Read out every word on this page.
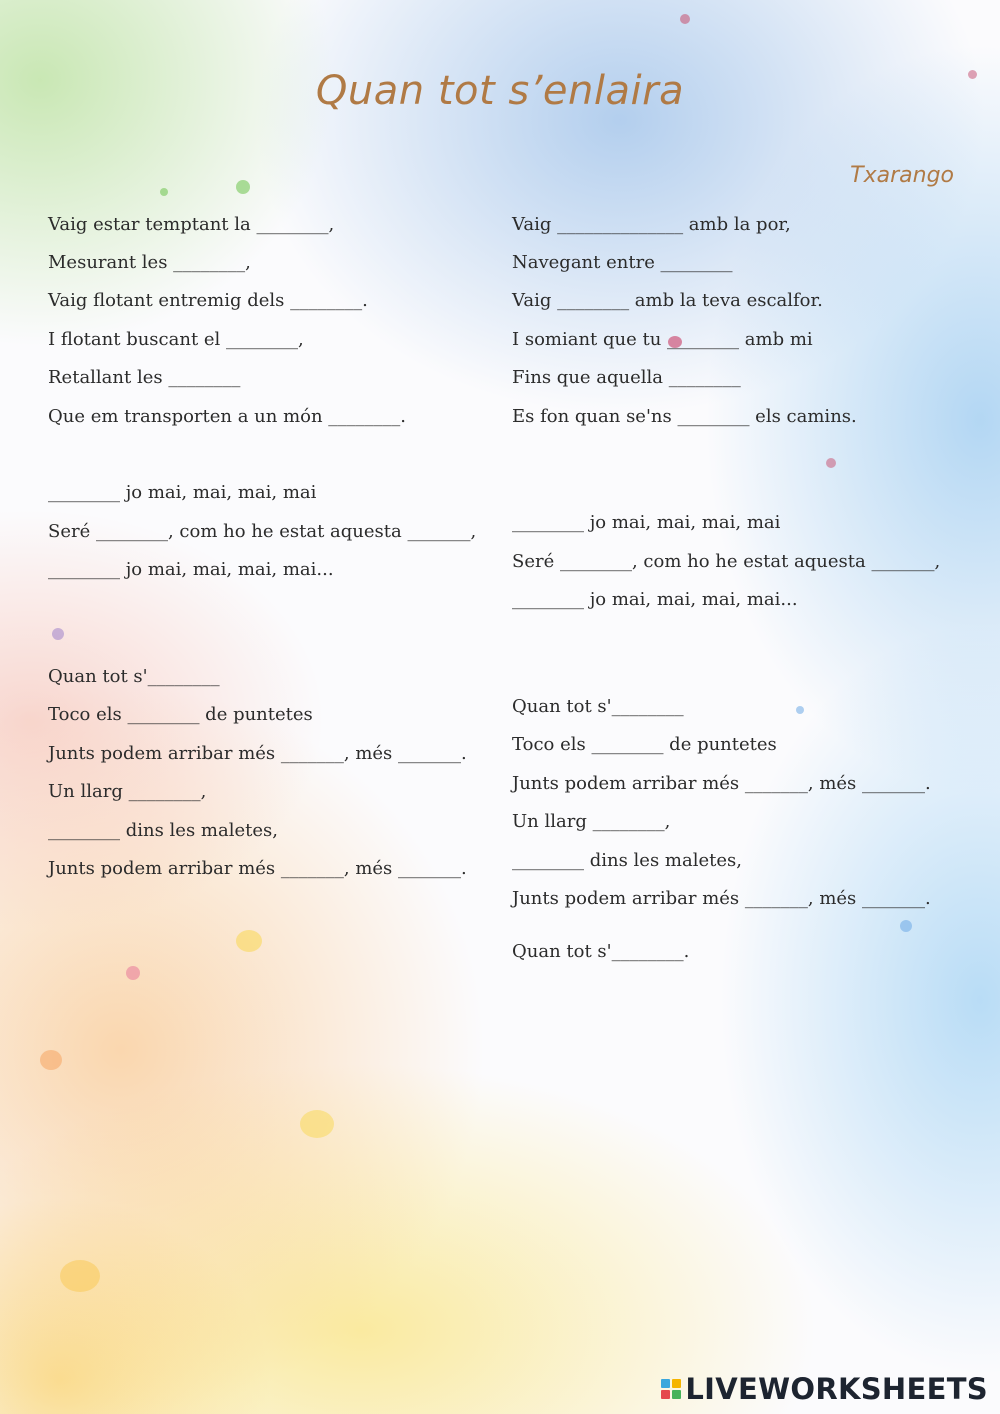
Quan tot s’enlaira
Txarango
Vaig estar temptant la ________,
Mesurant les ________,
Vaig flotant entremig dels ________.
I flotant buscant el ________,
Retallant les ________
Que em transporten a un món ________.
________ jo mai, mai, mai, mai
Seré ________, com ho he estat aquesta _______,
________ jo mai, mai, mai, mai...
Quan tot s'________
Toco els ________ de puntetes
Junts podem arribar més _______, més _______.
Un llarg ________,
________ dins les maletes,
Junts podem arribar més _______, més _______.
Vaig ______________ amb la por,
Navegant entre ________
Vaig ________ amb la teva escalfor.
I somiant que tu ________ amb mi
Fins que aquella ________
Es fon quan se'ns ________ els camins.
________ jo mai, mai, mai, mai
Seré ________, com ho he estat aquesta _______,
________ jo mai, mai, mai, mai...
Quan tot s'________
Toco els ________ de puntetes
Junts podem arribar més _______, més _______.
Un llarg ________,
________ dins les maletes,
Junts podem arribar més _______, més _______.
Quan tot s'________.
LIVEWORKSHEETS
